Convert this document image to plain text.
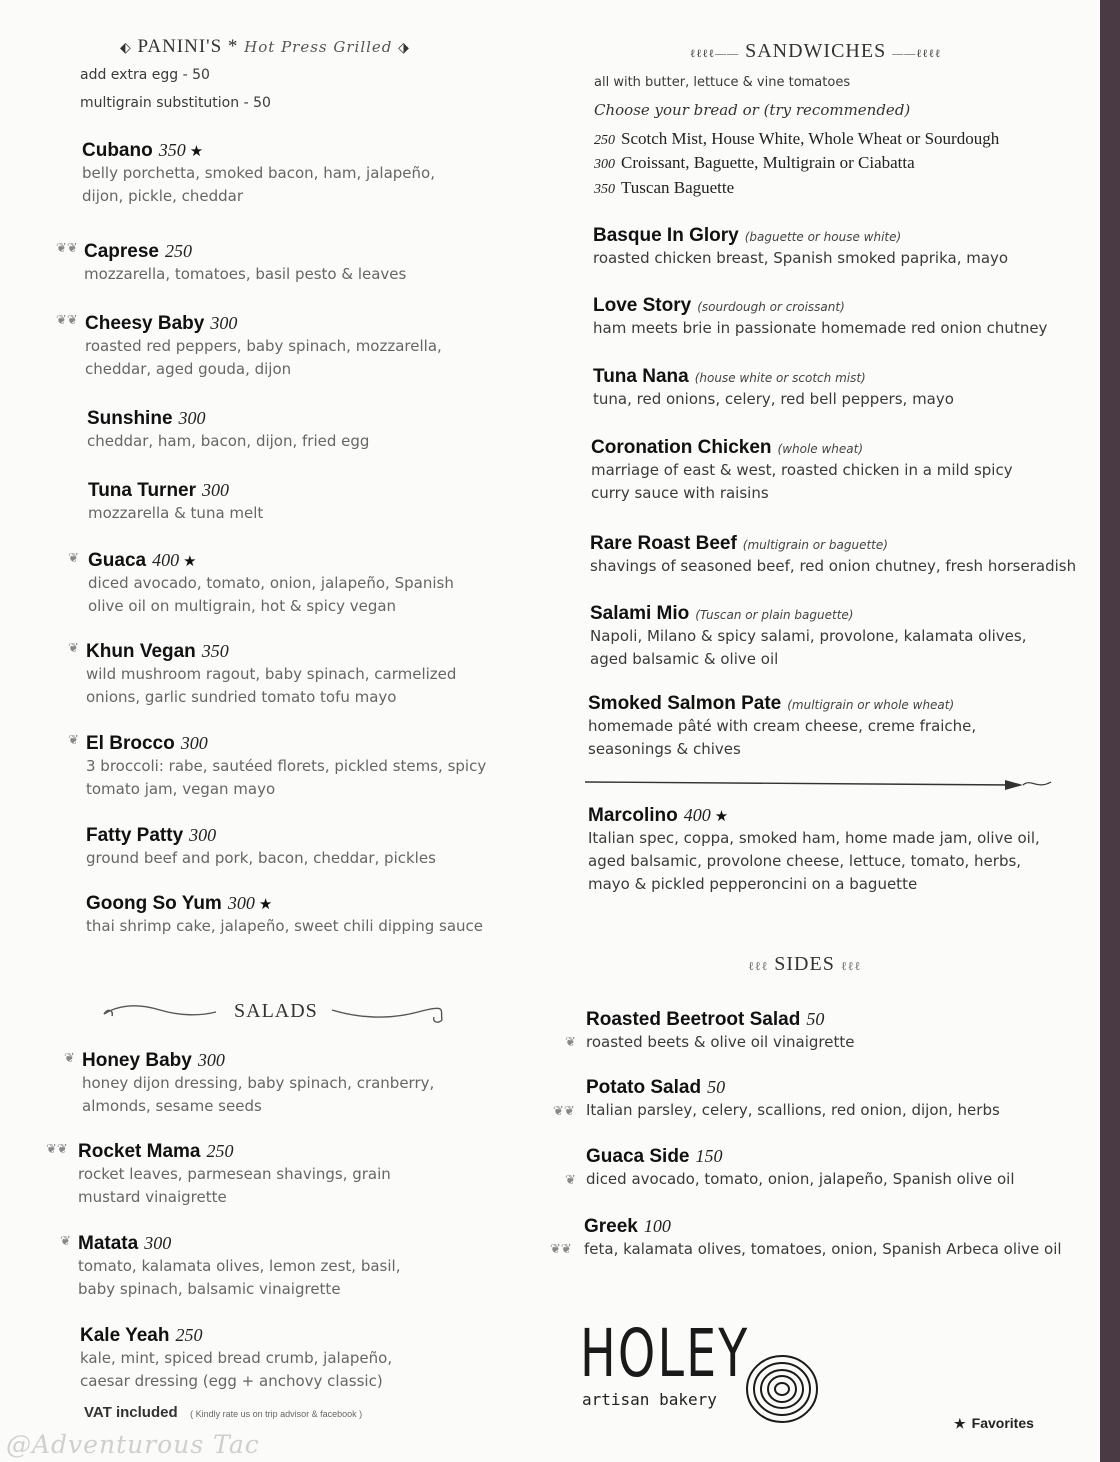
⬖ PANINI'S * Hot Press Grilled ⬗
add extra egg - 50
multigrain substitution - 50
Cubano 350 ★
belly porchetta, smoked bacon, ham, jalapeño,
dijon, pickle, cheddar
❦❦ Caprese 250
mozzarella, tomatoes, basil pesto & leaves
❦❦ Cheesy Baby 300
roasted red peppers, baby spinach, mozzarella,
cheddar, aged gouda, dijon
Sunshine 300
cheddar, ham, bacon, dijon, fried egg
Tuna Turner 300
mozzarella & tuna melt
❦ Guaca 400 ★
diced avocado, tomato, onion, jalapeño, Spanish
olive oil on multigrain, hot & spicy vegan
❦ Khun Vegan 350
wild mushroom ragout, baby spinach, carmelized
onions, garlic sundried tomato tofu mayo
❦ El Brocco 300
3 broccoli: rabe, sautéed florets, pickled stems, spicy
tomato jam, vegan mayo
Fatty Patty 300
ground beef and pork, bacon, cheddar, pickles
Goong So Yum 300 ★
thai shrimp cake, jalapeño, sweet chili dipping sauce
SALADS
❦ Honey Baby 300
honey dijon dressing, baby spinach, cranberry,
almonds, sesame seeds
❦❦ Rocket Mama 250
rocket leaves, parmesean shavings, grain
mustard vinaigrette
❦ Matata 300
tomato, kalamata olives, lemon zest, basil,
baby spinach, balsamic vinaigrette
Kale Yeah 250
kale, mint, spiced bread crumb, jalapeño,
caesar dressing (egg + anchovy classic)
VAT included ( Kindly rate us on trip advisor & facebook )
@Adventurous Tac
ℓℓℓℓ—— SANDWICHES ——ℓℓℓℓ
all with butter, lettuce & vine tomatoes
Choose your bread or (try recommended)
250 Scotch Mist, House White, Whole Wheat or Sourdough
300 Croissant, Baguette, Multigrain or Ciabatta
350 Tuscan Baguette
Basque In Glory (baguette or house white)
roasted chicken breast, Spanish smoked paprika, mayo
Love Story (sourdough or croissant)
ham meets brie in passionate homemade red onion chutney
Tuna Nana (house white or scotch mist)
tuna, red onions, celery, red bell peppers, mayo
Coronation Chicken (whole wheat)
marriage of east & west, roasted chicken in a mild spicy
curry sauce with raisins
Rare Roast Beef (multigrain or baguette)
shavings of seasoned beef, red onion chutney, fresh horseradish
Salami Mio (Tuscan or plain baguette)
Napoli, Milano & spicy salami, provolone, kalamata olives,
aged balsamic & olive oil
Smoked Salmon Pate (multigrain or whole wheat)
homemade pâté with cream cheese, creme fraiche,
seasonings & chives
Marcolino 400 ★
Italian spec, coppa, smoked ham, home made jam, olive oil,
aged balsamic, provolone cheese, lettuce, tomato, herbs,
mayo & pickled pepperoncini on a baguette
ℓℓℓ SIDES ℓℓℓ
❦
Roasted Beetroot Salad 50
roasted beets & olive oil vinaigrette
❦❦
Potato Salad 50
Italian parsley, celery, scallions, red onion, dijon, herbs
❦
Guaca Side 150
diced avocado, tomato, onion, jalapeño, Spanish olive oil
❦❦
Greek 100
feta, kalamata olives, tomatoes, onion, Spanish Arbeca olive oil
HOLEY
artisan bakery
★ Favorites
